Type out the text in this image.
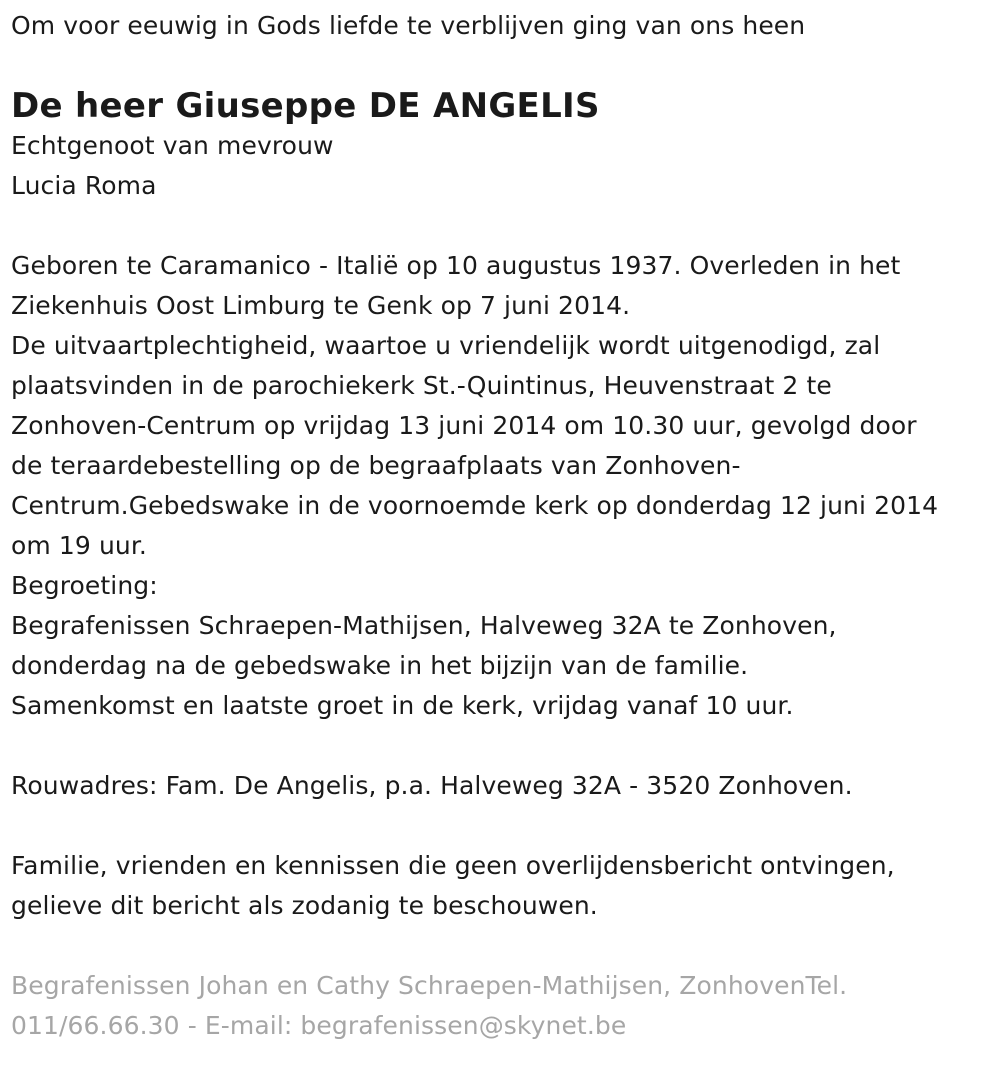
Om voor eeuwig in Gods liefde te verblijven ging van ons heen

De heer Giuseppe DE ANGELIS

Echtgenoot van mevrouw

Lucia Roma

Geboren te Caramanico - Italië op 10 augustus 1937. Overleden in het

Ziekenhuis Oost Limburg te Genk op 7 juni 2014.

De uitvaartplechtigheid, waartoe u vriendelijk wordt uitgenodigd, zal

plaatsvinden in de parochiekerk St.-Quintinus, Heuvenstraat 2 te

Zonhoven-Centrum op vrijdag 13 juni 2014 om 10.30 uur, gevolgd door

de teraardebestelling op de begraafplaats van Zonhoven-

Centrum.Gebedswake in de voornoemde kerk op donderdag 12 juni 2014

om 19 uur.

Begroeting:

Begrafenissen Schraepen-Mathijsen, Halveweg 32A te Zonhoven,

donderdag na de gebedswake in het bijzijn van de familie.

Samenkomst en laatste groet in de kerk, vrijdag vanaf 10 uur.

Rouwadres: Fam. De Angelis, p.a. Halveweg 32A - 3520 Zonhoven.

Familie, vrienden en kennissen die geen overlijdensbericht ontvingen,

gelieve dit bericht als zodanig te beschouwen.

Begrafenissen Johan en Cathy Schraepen-Mathijsen, ZonhovenTel.

011/66.66.30 - E-mail: begrafenissen@skynet.be
